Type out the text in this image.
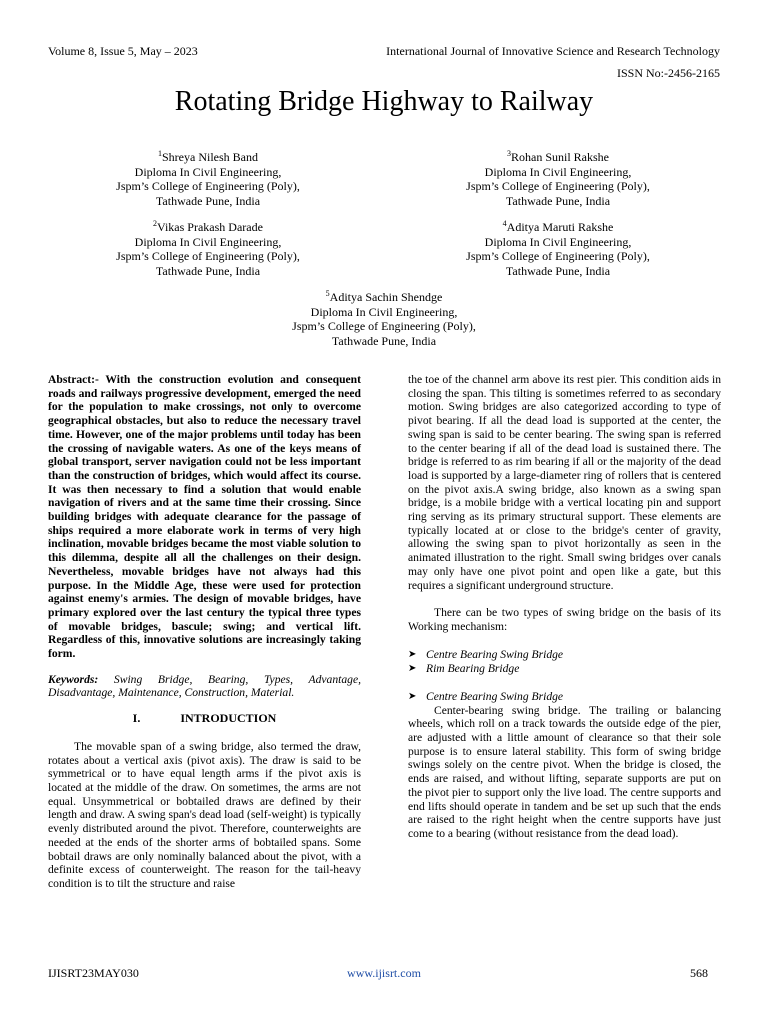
Volume 8, Issue 5, May – 2023	International Journal of Innovative Science and Research Technology
ISSN No:-2456-2165
Rotating Bridge Highway to Railway
$^1$Shreya Nilesh Band
Diploma In Civil Engineering,
Jspm’s College of Engineering (Poly),
Tathwade Pune, India
$^3$Rohan Sunil Rakshe
Diploma In Civil Engineering,
Jspm’s College of Engineering (Poly),
Tathwade Pune, India
$^2$Vikas Prakash Darade
Diploma In Civil Engineering,
Jspm’s College of Engineering (Poly),
Tathwade Pune, India
$^4$Aditya Maruti Rakshe
Diploma In Civil Engineering,
Jspm’s College of Engineering (Poly),
Tathwade Pune, India
$^5$Aditya Sachin Shendge
Diploma In Civil Engineering,
Jspm’s College of Engineering (Poly),
Tathwade Pune, India

Abstract:- With the construction evolution and consequent roads and railways progressive development, emerged the need for the population to make crossings, not only to overcome geographical obstacles, but also to reduce the necessary travel time. However, one of the major problems until today has been the crossing of navigable waters. As one of the keys means of global transport, server navigation could not be less important than the construction of bridges, which would affect its course. It was then necessary to find a solution that would enable navigation of rivers and at the same time their crossing. Since building bridges with adequate clearance for the passage of ships required a more elaborate work in terms of very high inclination, movable bridges became the most viable solution to this dilemma, despite all all the challenges on their design. Nevertheless, movable bridges have not always had this purpose. In the Middle Age, these were used for protection against enemy's armies. The design of movable bridges, have primary explored over the last century the typical three types of movable bridges, bascule; swing; and vertical lift. Regardless of this, innovative solutions are increasingly taking form.

Keywords: Swing Bridge, Bearing, Types, Advantage, Disadvantage, Maintenance, Construction, Material.

I.	INTRODUCTION

The movable span of a swing bridge, also termed the draw, rotates about a vertical axis (pivot axis). The draw is said to be symmetrical or to have equal length arms if the pivot axis is located at the middle of the draw. On sometimes, the arms are not equal. Unsymmetrical or bobtailed draws are defined by their length and draw. A swing span's dead load (self-weight) is typically evenly distributed around the pivot. Therefore, counterweights are needed at the ends of the shorter arms of bobtailed spans. Some bobtail draws are only nominally balanced about the pivot, with a definite excess of counterweight. The reason for the tail-heavy condition is to tilt the structure and raise

the toe of the channel arm above its rest pier. This condition aids in closing the span. This tilting is sometimes referred to as secondary motion. Swing bridges are also categorized according to type of pivot bearing. If all the dead load is supported at the center, the swing span is said to be center bearing. The swing span is referred to the center bearing if all of the dead load is sustained there. The bridge is referred to as rim bearing if all or the majority of the dead load is supported by a large-diameter ring of rollers that is centered on the pivot axis.A swing bridge, also known as a swing span bridge, is a mobile bridge with a vertical locating pin and support ring serving as its primary structural support. These elements are typically located at or close to the bridge's center of gravity, allowing the swing span to pivot horizontally as seen in the animated illustration to the right. Small swing bridges over canals may only have one pivot point and open like a gate, but this requires a significant underground structure.

There can be two types of swing bridge on the basis of its Working mechanism:

➤ Centre Bearing Swing Bridge
➤ Rim Bearing Bridge
➤ Centre Bearing Swing Bridge

Center-bearing swing bridge. The trailing or balancing wheels, which roll on a track towards the outside edge of the pier, are adjusted with a little amount of clearance so that their sole purpose is to ensure lateral stability. This form of swing bridge swings solely on the centre pivot. When the bridge is closed, the ends are raised, and without lifting, separate supports are put on the pivot pier to support only the live load. The centre supports and end lifts should operate in tandem and be set up such that the ends are raised to the right height when the centre supports have just come to a bearing (without resistance from the dead load).

IJISRT23MAY030	www.ijisrt.com	568
